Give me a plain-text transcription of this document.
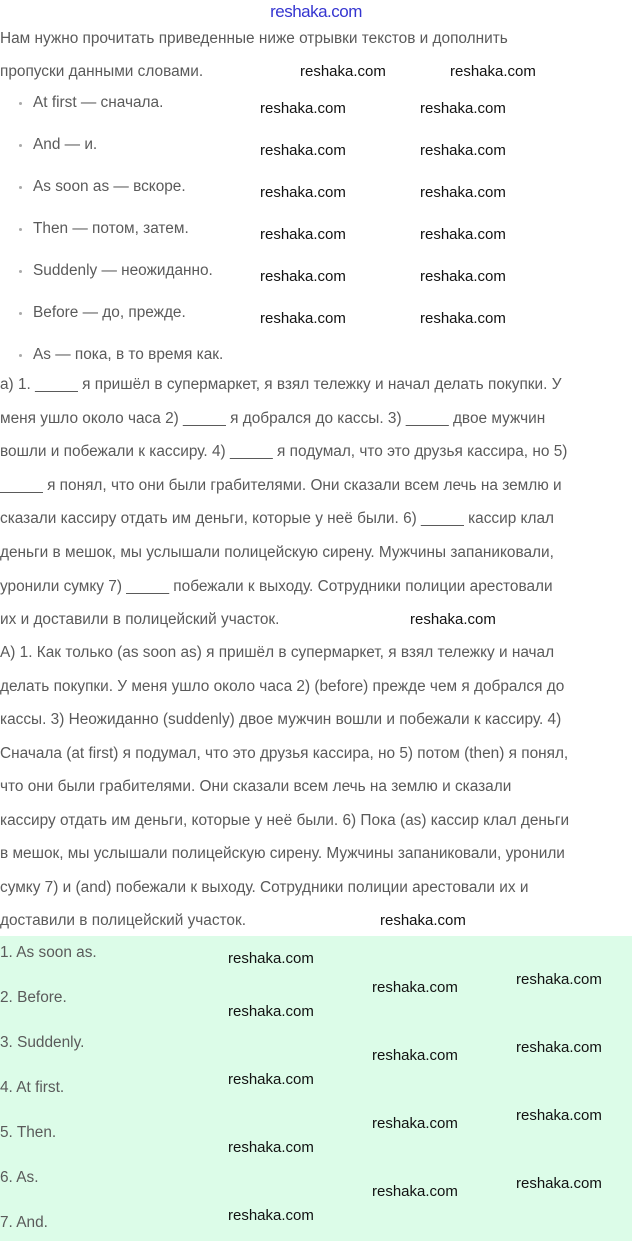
reshaka.com
Нам нужно прочитать приведенные ниже отрывки текстов и дополнить
пропуски данными словами.
At first — сначала.
And — и.
As soon as — вскоре.
Then — потом, затем.
Suddenly — неожиданно.
Before — до, прежде.
As — пока, в то время как.
а) 1. _____ я пришёл в супермаркет, я взял тележку и начал делать покупки. У
меня ушло около часа 2) _____ я добрался до кассы. 3) _____ двое мужчин
вошли и побежали к кассиру. 4) _____ я подумал, что это друзья кассира, но 5)
_____ я понял, что они были грабителями. Они сказали всем лечь на землю и
сказали кассиру отдать им деньги, которые у неё были. 6) _____ кассир клал
деньги в мешок, мы услышали полицейскую сирену. Мужчины запаниковали,
уронили сумку 7) _____ побежали к выходу. Сотрудники полиции арестовали
их и доставили в полицейский участок.
А) 1. Как только (as soon as) я пришёл в супермаркет, я взял тележку и начал
делать покупки. У меня ушло около часа 2) (before) прежде чем я добрался до
кассы. 3) Неожиданно (suddenly) двое мужчин вошли и побежали к кассиру. 4)
Сначала (at first) я подумал, что это друзья кассира, но 5) потом (then) я понял,
что они были грабителями. Они сказали всем лечь на землю и сказали
кассиру отдать им деньги, которые у неё были. 6) Пока (as) кассир клал деньги
в мешок, мы услышали полицейскую сирену. Мужчины запаниковали, уронили
сумку 7) и (and) побежали к выходу. Сотрудники полиции арестовали их и
доставили в полицейский участок.
1. As soon as.
2. Before.
3. Suddenly.
4. At first.
5. Then.
6. As.
7. And.
reshaka.com	reshaka.com
reshaka.com	reshaka.com
reshaka.com	reshaka.com
reshaka.com	reshaka.com
reshaka.com	reshaka.com
reshaka.com	reshaka.com
reshaka.com	reshaka.com
reshaka.com
reshaka.com
reshaka.com
reshaka.com	reshaka.com
reshaka.com
reshaka.com	reshaka.com
reshaka.com
reshaka.com	reshaka.com
reshaka.com
reshaka.com	reshaka.com
reshaka.com
